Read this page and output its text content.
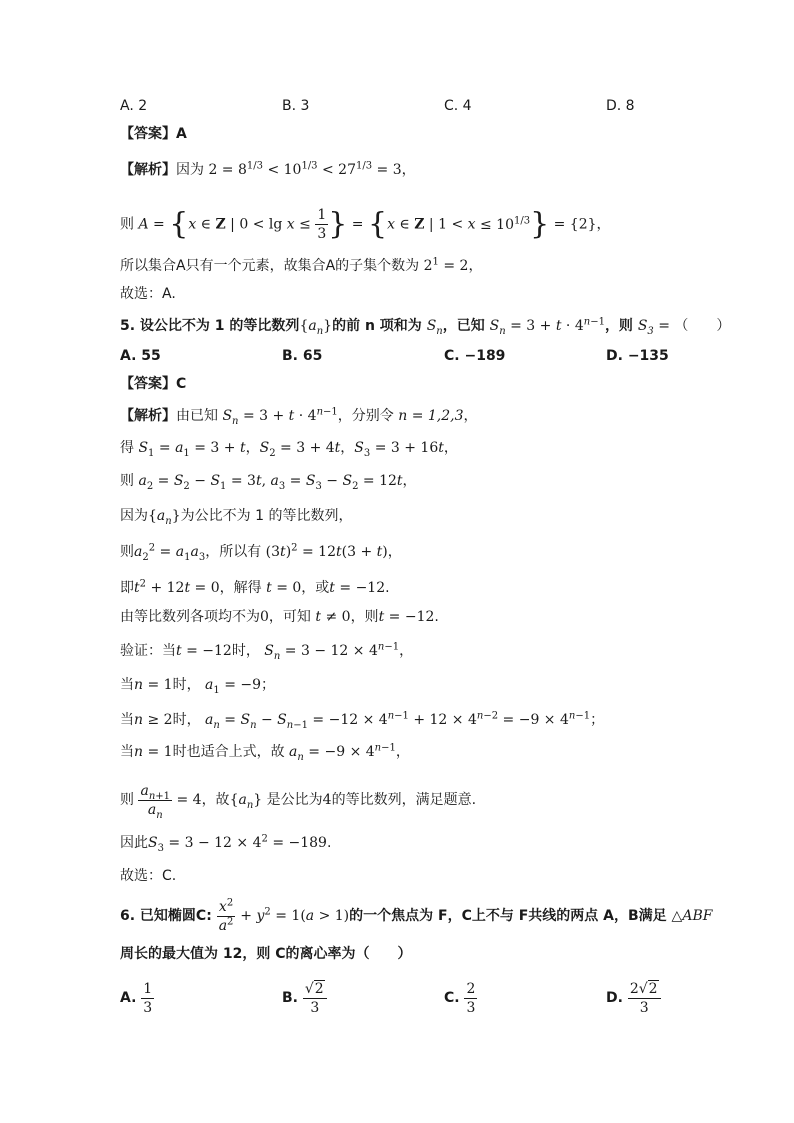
A. 2	B. 3	C. 4	D. 8
【答案】A
【解析】因为 $2 = 8^{1/3} < 10^{1/3} < 27^{1/3} = 3$，
则 A = {x ∈ Z | $0 < \lg x \le \frac{1}{3}$ } = {x ∈ Z | $1 < x \le 10^{1/3}\} = \{2\}$，
所以集合A只有一个元素，故集合A的子集个数为 $2^1 = 2$，
故选：A.
5. 设公比不为 1 的等比数列$\{a_n\}$的前 n 项和为 $S_n$，已知 $S_n = 3 + t \cdot 4^{n-1}$，则 $S_3$ = （　　）
A. 55	B. 65	C. −189	D. −135
【答案】C
【解析】由已知 $S_n = 3 + t \cdot 4^{n-1}$，分别令 n = 1,2,3，
得 $S_1 = a_1 = 3 + t$，$S_2 = 3 + 4t$，$S_3 = 3 + 16t$，
则 $a_2 = S_2 - S_1 = 3t$, $a_3 = S_3 - S_2 = 12t$，
因为$\{a_n\}$为公比不为 1 的等比数列，
则$a_2^2 = a_1a_3$，所以有 $(3t)^2 = 12t(3 + t)$，
即$t^2 + 12t = 0$，解得 t = 0，或t = −12.
由等比数列各项均不为0，可知 t ≠ 0，则t = −12.
验证：当t = −12时， $S_n = 3 - 12 \times 4^{n-1}$，
当n = 1时， $a_1 = -9$；
当n ≥ 2时， $a_n = S_n - S_{n-1} = -12 \times 4^{n-1} + 12 \times 4^{n-2} = -9 \times 4^{n-1}$；
当n = 1时也适合上式，故 $a_n = -9 \times 4^{n-1}$，
则 $\frac{a_{n+1}}{a_n} = 4$，故$\{a_n\}$ 是公比为4的等比数列，满足题意.
因此$S_3 = 3 - 12 \times 4^2 = -189$.
故选：C.
6. 已知椭圆C: $\frac{x^2}{a^2} + y^2 = 1(a > 1)$的一个焦点为 F，C上不与 F共线的两点 A，B满足 △ABF
周长的最大值为 12，则 C的离心率为（　　）
A. $\frac{1}{3}$	B. $\frac{√2}{3}$	C. $\frac{2}{3}$	D. $\frac{2√2}{3}$
